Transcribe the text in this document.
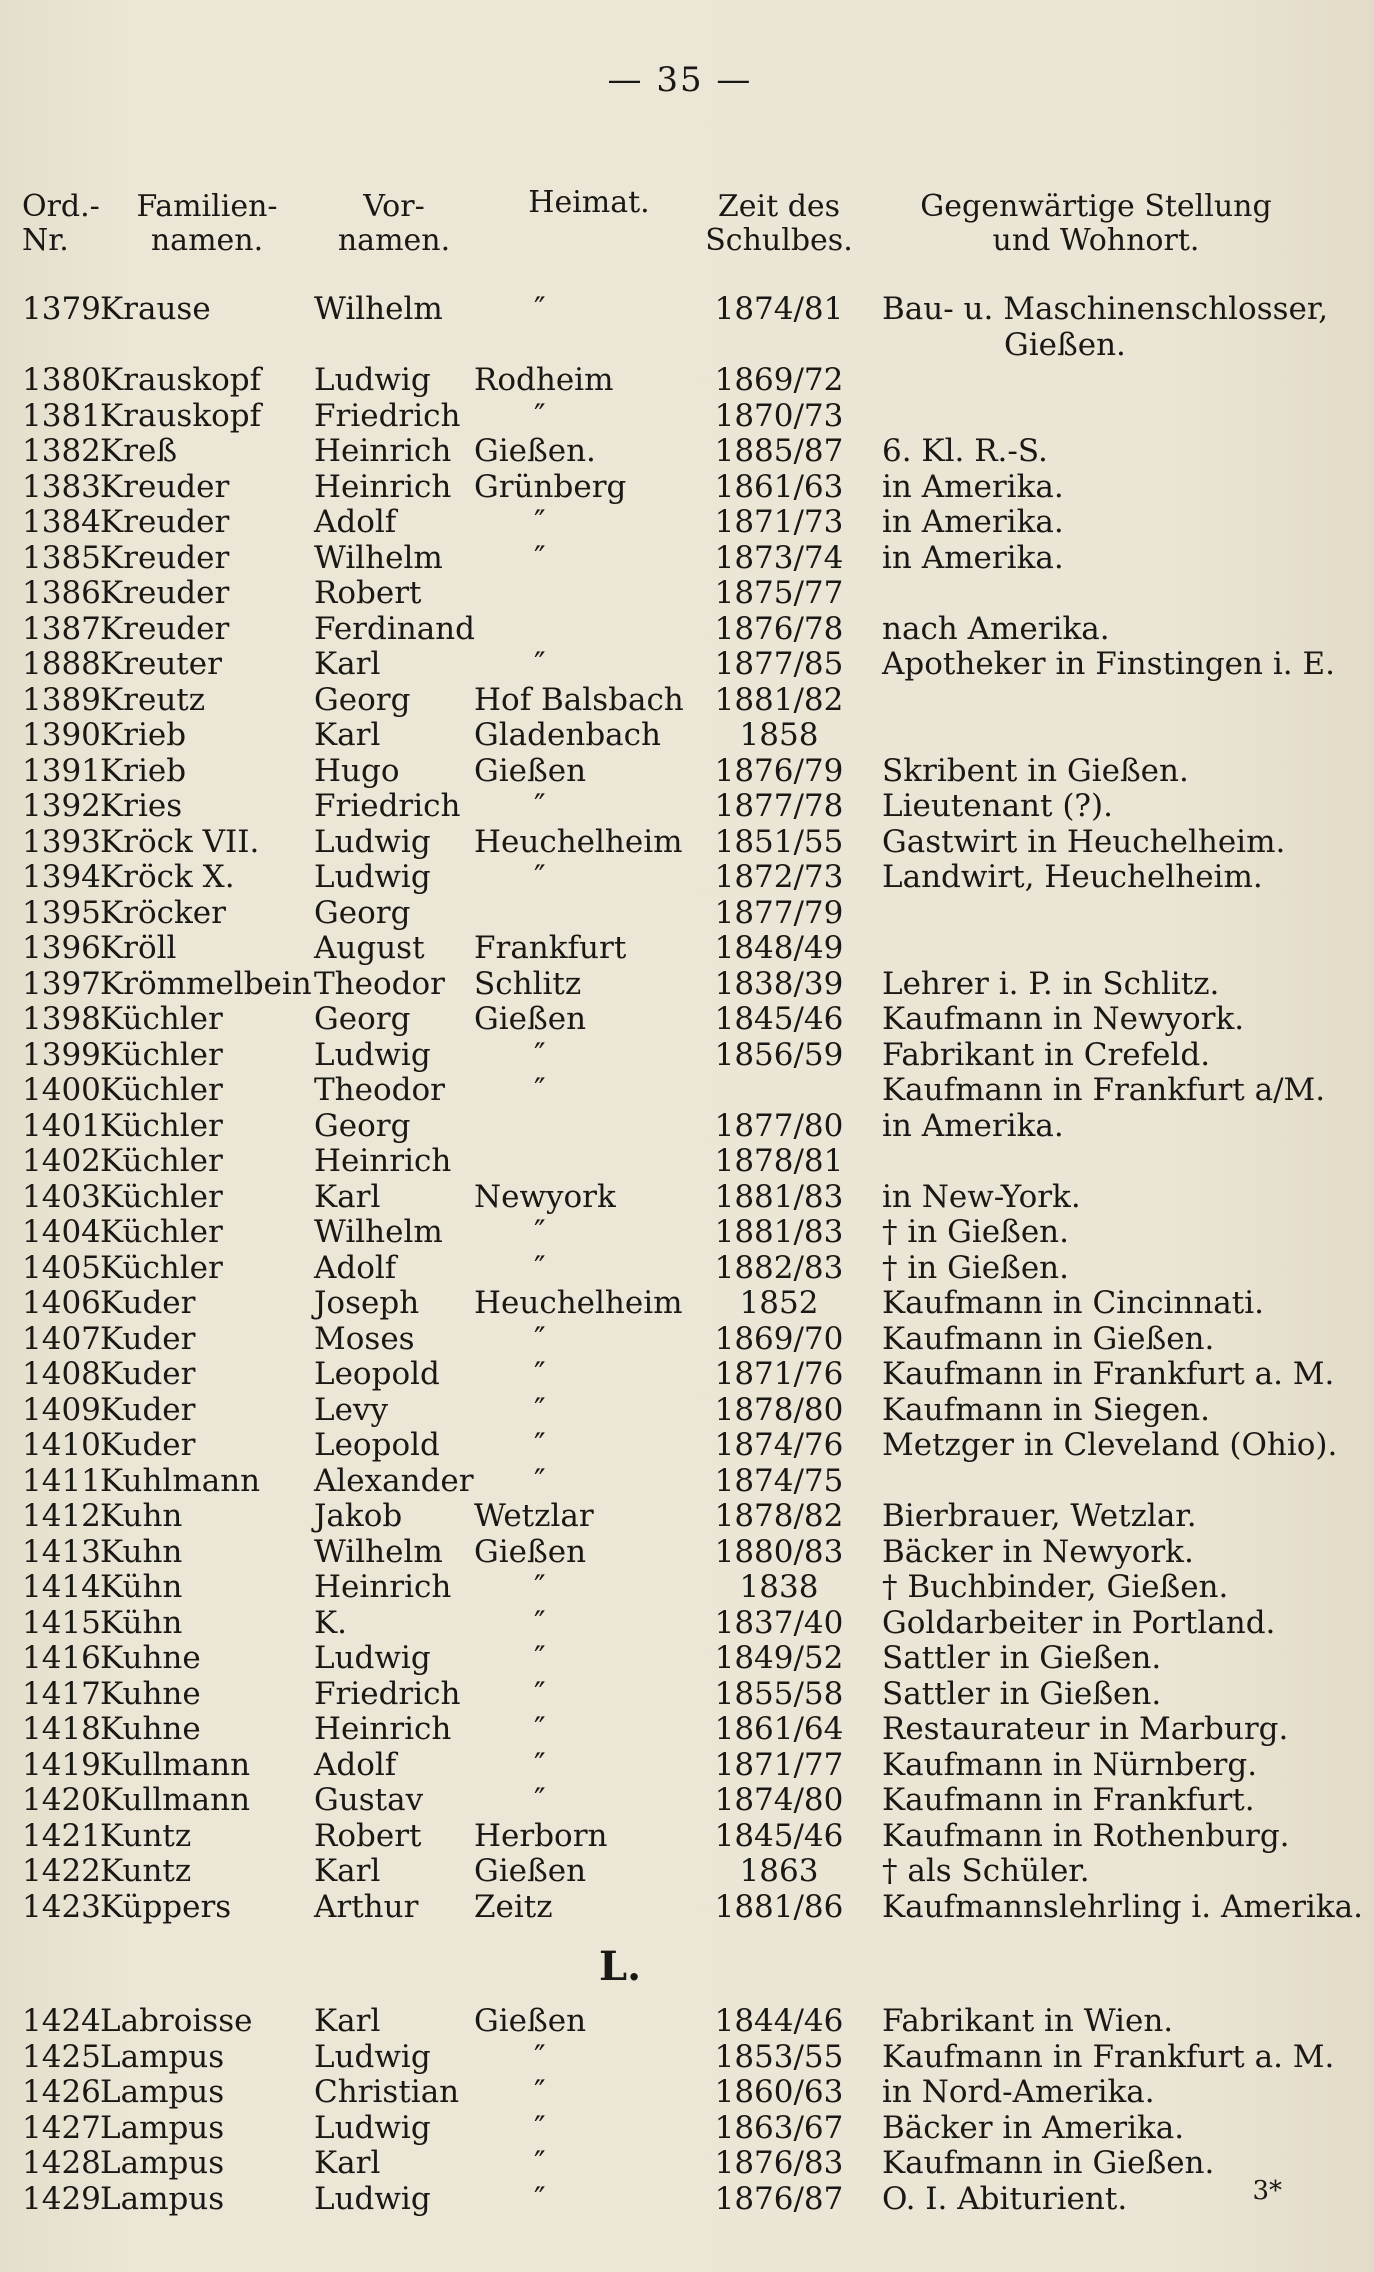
— 35 —
Ord.-
Nr.
Familien-
namen.
Vor-
namen.
Heimat.	Zeit des
Schulbes.
Gegenwärtige Stellung
und Wohnort.
1379 Krause	Wilhelm	″	1874/81	Bau- u. Maschinenschlosser,
Gießen.
1380 Krauskopf	Ludwig	Rodheim	1869/72
1381 Krauskopf	Friedrich	″	1870/73
1382 Kreß	Heinrich Gießen.	1885/87	6. Kl. R.-S.
1383 Kreuder	Heinrich Grünberg	1861/63	in Amerika.
1384 Kreuder	Adolf	″	1871/73	in Amerika.
1385 Kreuder	Wilhelm	″	1873/74	in Amerika.
1386 Kreuder	Robert	1875/77
1387 Kreuder	Ferdinand	1876/78	nach Amerika.
1888 Kreuter	Karl	″	1877/85	Apotheker in Finstingen i. E.
1389 Kreutz	Georg	Hof Balsbach 1881/82
1390 Krieb	Karl	Gladenbach	1858
1391 Krieb	Hugo	Gießen	1876/79	Skribent in Gießen.
1392 Kries	Friedrich	″	1877/78	Lieutenant (?).
1393 Kröck VII.	Ludwig	Heuchelheim	1851/55	Gastwirt in Heuchelheim.
1394 Kröck X.	Ludwig	″	1872/73	Landwirt, Heuchelheim.
1395 Kröcker	Georg	1877/79
1396 Kröll	August	Frankfurt	1848/49
1397 Krömmelbein Theodor Schlitz	1838/39	Lehrer i. P. in Schlitz.
1398 Küchler	Georg	Gießen	1845/46	Kaufmann in Newyork.
1399 Küchler	Ludwig	″	1856/59	Fabrikant in Crefeld.
1400 Küchler	Theodor	″	Kaufmann in Frankfurt a/M.
1401 Küchler	Georg	1877/80	in Amerika.
1402 Küchler	Heinrich	1878/81
1403 Küchler	Karl	Newyork	1881/83	in New-York.
1404 Küchler	Wilhelm	″	1881/83	† in Gießen.
1405 Küchler	Adolf	″	1882/83	† in Gießen.
1406 Kuder	Joseph	Heuchelheim	1852	Kaufmann in Cincinnati.
1407 Kuder	Moses	″	1869/70	Kaufmann in Gießen.
1408 Kuder	Leopold	″	1871/76	Kaufmann in Frankfurt a. M.
1409 Kuder	Levy	″	1878/80	Kaufmann in Siegen.
1410 Kuder	Leopold	″	1874/76	Metzger in Cleveland (Ohio).
1411 Kuhlmann	Alexander	″	1874/75
1412 Kuhn	Jakob	Wetzlar	1878/82	Bierbrauer, Wetzlar.
1413 Kuhn	Wilhelm	Gießen	1880/83	Bäcker in Newyork.
1414 Kühn	Heinrich	″	1838	† Buchbinder, Gießen.
1415 Kühn	K.	″	1837/40	Goldarbeiter in Portland.
1416 Kuhne	Ludwig	″	1849/52	Sattler in Gießen.
1417 Kuhne	Friedrich	″	1855/58	Sattler in Gießen.
1418 Kuhne	Heinrich	″	1861/64	Restaurateur in Marburg.
1419 Kullmann	Adolf	″	1871/77	Kaufmann in Nürnberg.
1420 Kullmann	Gustav	″	1874/80	Kaufmann in Frankfurt.
1421 Kuntz	Robert	Herborn	1845/46	Kaufmann in Rothenburg.
1422 Kuntz	Karl	Gießen	1863	† als Schüler.
1423 Küppers	Arthur	Zeitz	1881/86	Kaufmannslehrling i. Amerika.
L.
1424 Labroisse	Karl	Gießen	1844/46	Fabrikant in Wien.
1425 Lampus	Ludwig	″	1853/55	Kaufmann in Frankfurt a. M.
1426 Lampus	Christian	″	1860/63	in Nord-Amerika.
1427 Lampus	Ludwig	″	1863/67	Bäcker in Amerika.
1428 Lampus	Karl	″	1876/83	Kaufmann in Gießen.
1429 Lampus	Ludwig	″	1876/87	O. I. Abiturient.	3*
